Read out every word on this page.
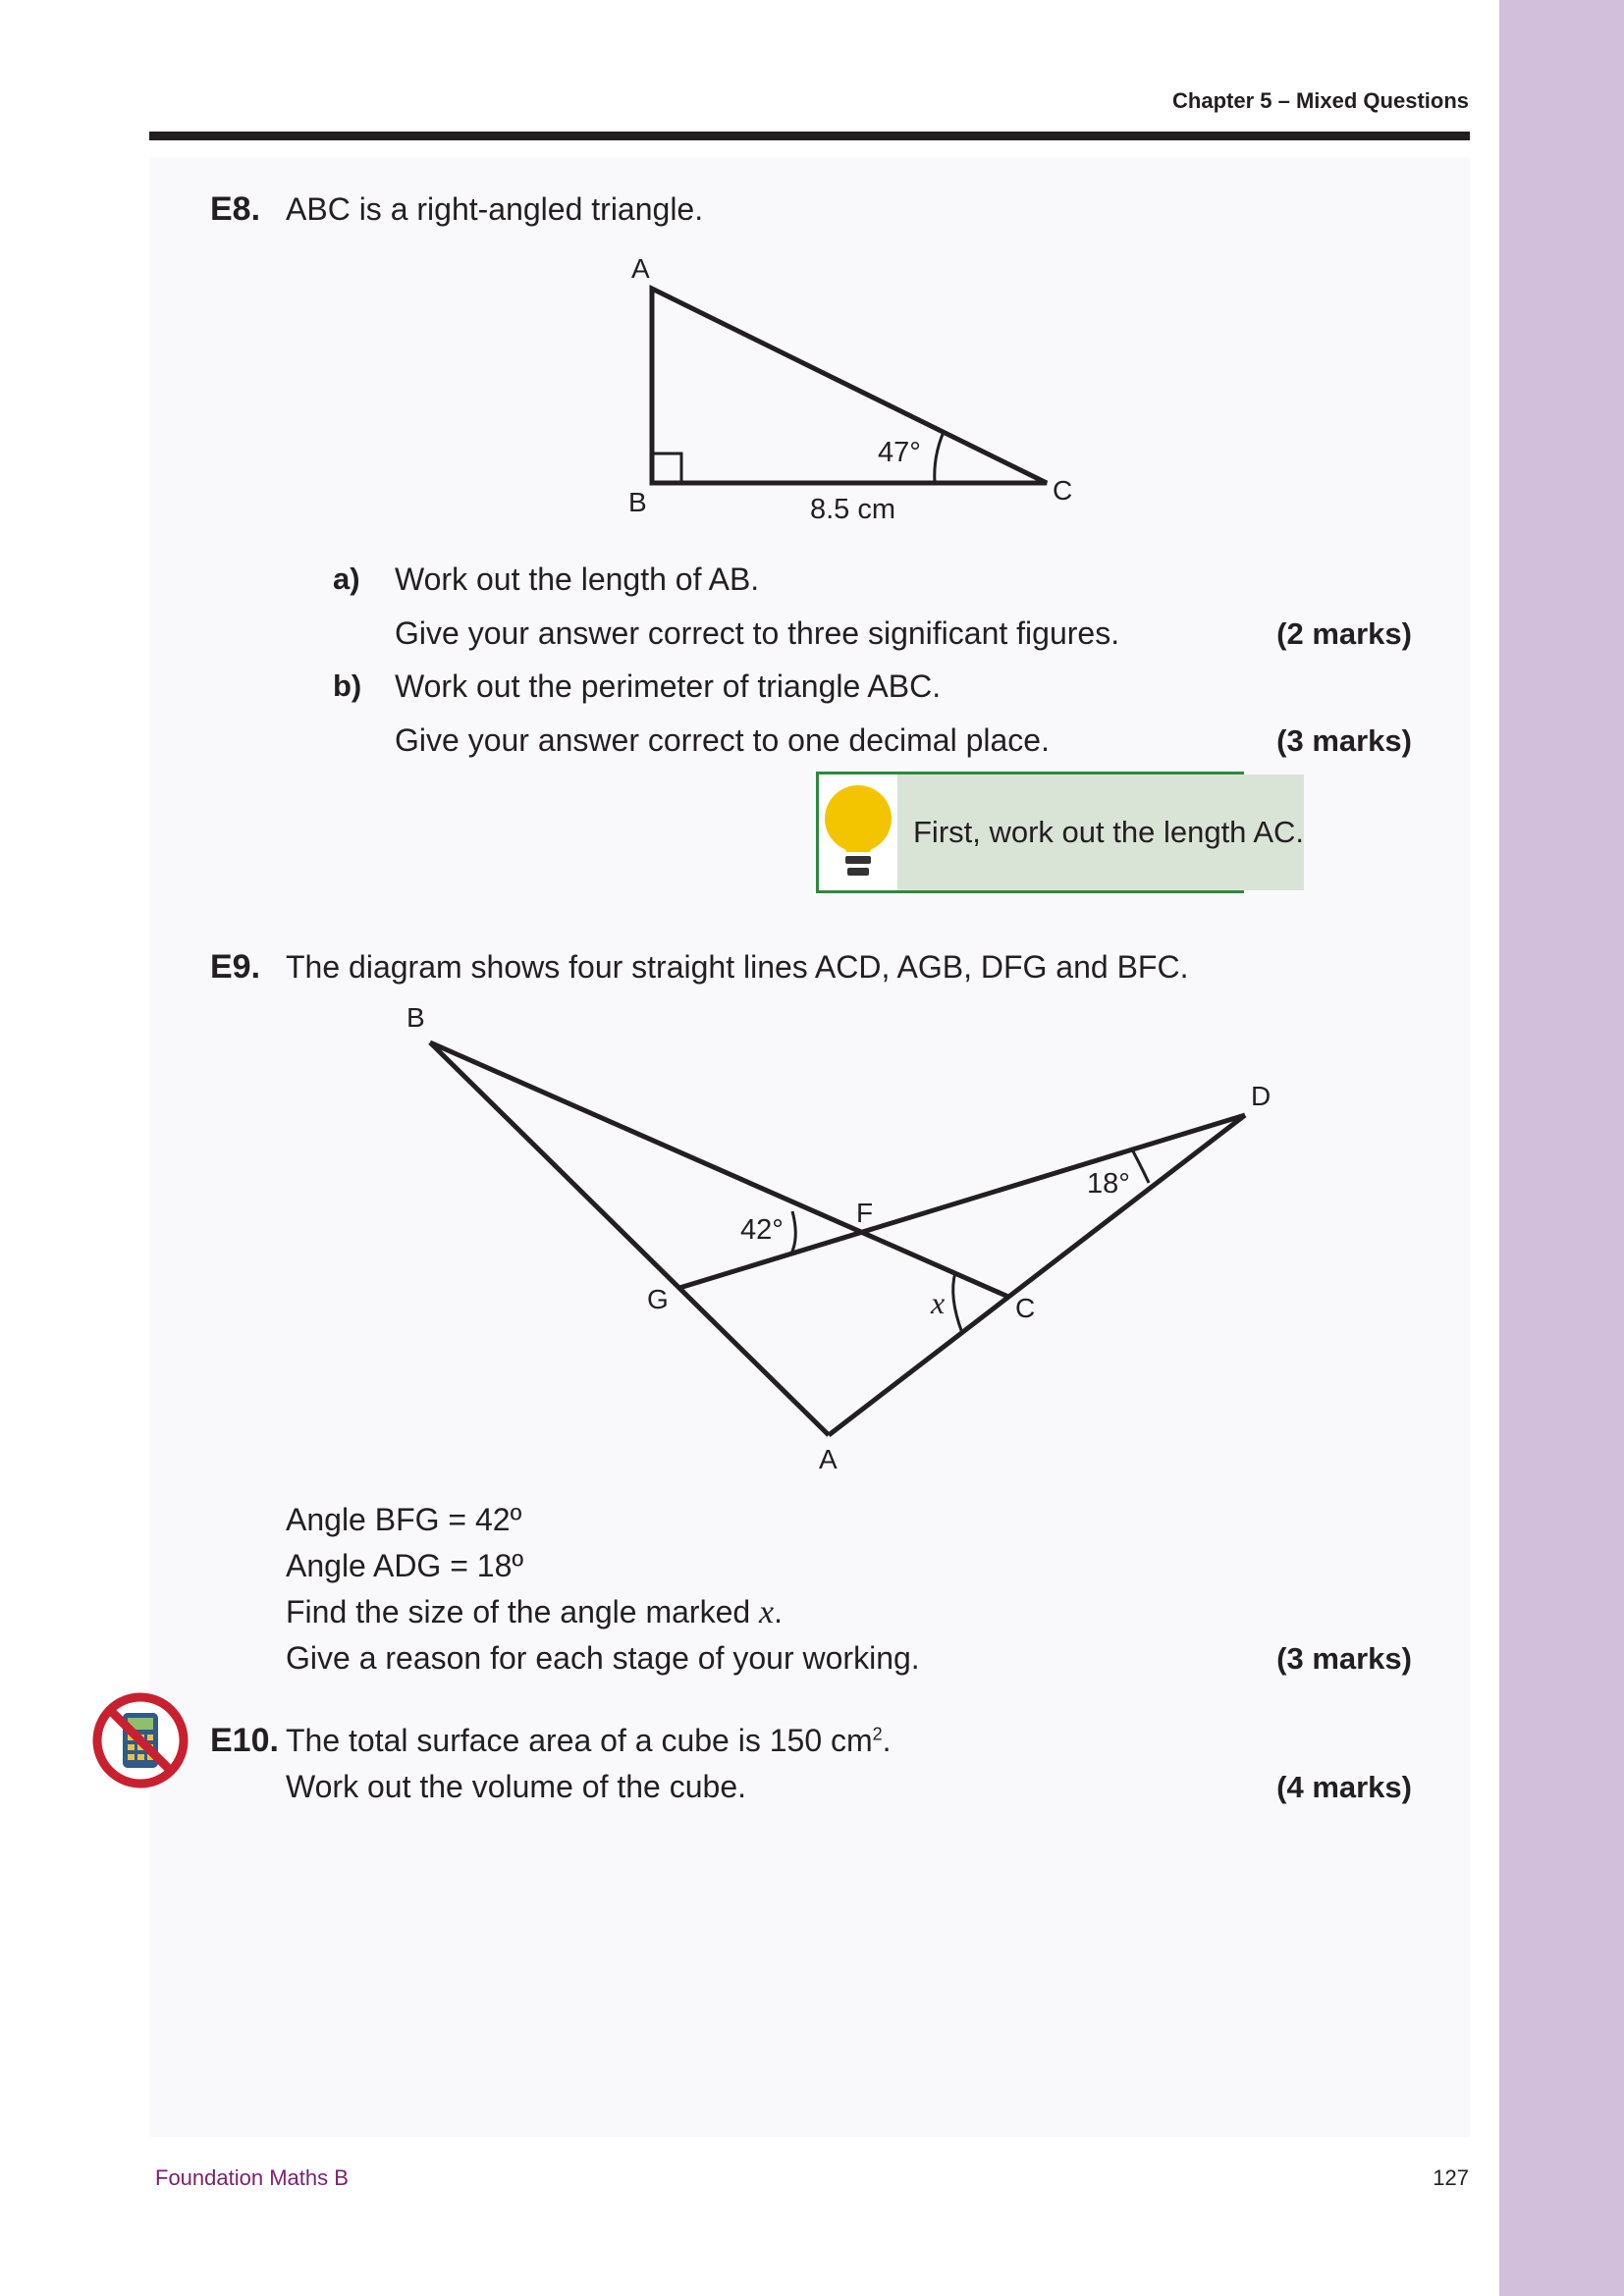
Chapter 5 – Mixed Questions
E8. ABC is a right-angled triangle.
A
B	C
47°
8.5 cm
a) Work out the length of AB.
Give your answer correct to three significant figures.	(2 marks)
b) Work out the perimeter of triangle ABC.
Give your answer correct to one decimal place.	(3 marks)
First, work out the length AC.
E9. The diagram shows four straight lines ACD, AGB, DFG and BFC.
B
D
F
G	C
A
42°
18°
x
Angle BFG = 42º
Angle ADG = 18º
Find the size of the angle marked x.
Give a reason for each stage of your working.	(3 marks)
E10. The total surface area of a cube is 150 $cm^2$.
Work out the volume of the cube.	(4 marks)
Foundation Maths B	127
